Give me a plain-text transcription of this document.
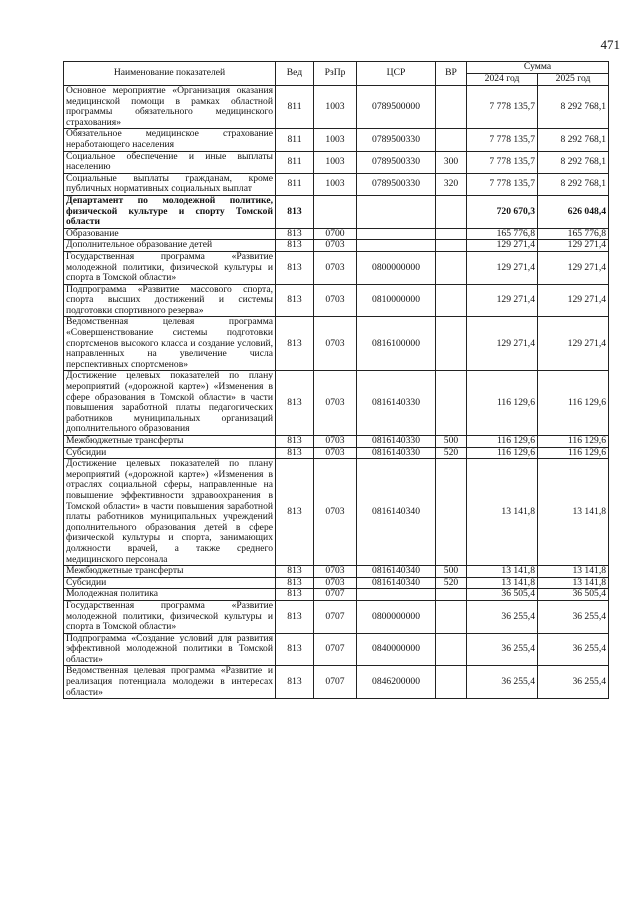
471
Наименование показателей	Вед	РзПр	ЦСР	ВР	Сумма	
					2024 год	2025 год
Основное мероприятие «Организация оказания медицинской помощи в рамках областной программы обязательного медицинского страхования»	811	1003	0789500000		7 778 135,7	8 292 768,1
Обязательное медицинское страхование неработающего населения	811	1003	0789500330		7 778 135,7	8 292 768,1
Социальное обеспечение и иные выплаты населению	811	1003	0789500330	300	7 778 135,7	8 292 768,1
Социальные выплаты гражданам, кроме публичных нормативных социальных выплат	811	1003	0789500330	320	7 778 135,7	8 292 768,1
Департамент по молодежной политике, физической культуре и спорту Томской области	813				720 670,3	626 048,4
Образование	813	0700			165 776,8	165 776,8
Дополнительное образование детей	813	0703			129 271,4	129 271,4
Государственная программа «Развитие молодежной политики, физической культуры и спорта в Томской области»	813	0703	0800000000		129 271,4	129 271,4
Подпрограмма «Развитие массового спорта, спорта высших достижений и системы подготовки спортивного резерва»	813	0703	0810000000		129 271,4	129 271,4
Ведомственная целевая программа «Совершенствование системы подготовки спортсменов высокого класса и создание условий, направленных на увеличение числа перспективных спортсменов»	813	0703	0816100000		129 271,4	129 271,4
Достижение целевых показателей по плану мероприятий («дорожной карте») «Изменения в сфере образования в Томской области» в части повышения заработной платы педагогических работников муниципальных организаций дополнительного образования	813	0703	0816140330		116 129,6	116 129,6
Межбюджетные трансферты	813	0703	0816140330	500	116 129,6	116 129,6
Субсидии	813	0703	0816140330	520	116 129,6	116 129,6
Достижение целевых показателей по плану мероприятий («дорожной карте») «Изменения в отраслях социальной сферы, направленные на повышение эффективности здравоохранения в Томской области» в части повышения заработной платы работников муниципальных учреждений дополнительного образования детей в сфере физической культуры и спорта, занимающих должности врачей, а также среднего медицинского персонала	813	0703	0816140340		13 141,8	13 141,8
Межбюджетные трансферты	813	0703	0816140340	500	13 141,8	13 141,8
Субсидии	813	0703	0816140340	520	13 141,8	13 141,8
Молодежная политика	813	0707			36 505,4	36 505,4
Государственная программа «Развитие молодежной политики, физической культуры и спорта в Томской области»	813	0707	0800000000		36 255,4	36 255,4
Подпрограмма «Создание условий для развития эффективной молодежной политики в Томской области»	813	0707	0840000000		36 255,4	36 255,4
Ведомственная целевая программа «Развитие и реализация потенциала молодежи в интересах области»	813	0707	0846200000		36 255,4	36 255,4
